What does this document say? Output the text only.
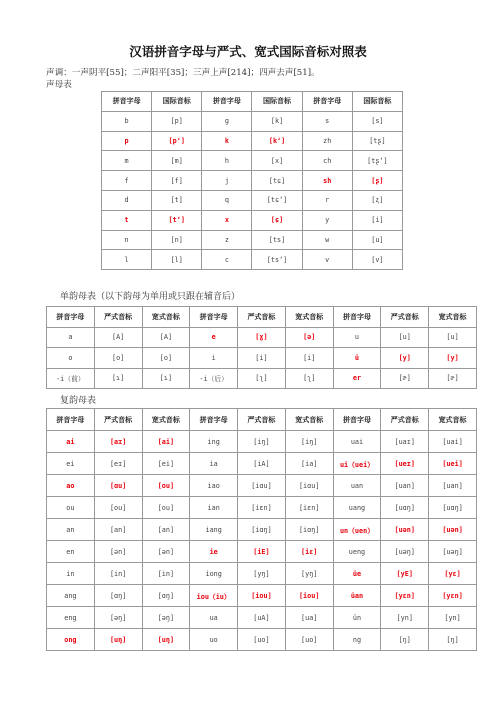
汉语拼音字母与严式、宽式国际音标对照表
声调：一声阴平[55]；二声阳平[35]；三声上声[214]；四声去声[51]。
声母表
拼音字母	国际音标	拼音字母	国际音标	拼音字母	国际音标
b	[p]	g	[k]	s	[s]
p	[pʻ]	k	[kʻ]	zh	[tʂ]
m	[m]	h	[x]	ch	[tʂʻ]
f	[f]	j	[tɕ]	sh	[ʂ]
d	[t]	q	[tɕʻ]	r	[ʐ]
t	[tʻ]	x	[ɕ]	y	[i]
n	[n]	z	[ts]	w	[u]
l	[l]	c	[tsʻ]	v	[v]
单韵母表（以下韵母为单用或只跟在辅音后）
拼音字母	严式音标	宽式音标	拼音字母	严式音标	宽式音标	拼音字母	严式音标	宽式音标
a	[A]	[A]	e	[ɣ]	[ə]	u	[u]	[u]
o	[o]	[o]	i	[i]	[i]	ü	[y]	[y]
-i（前）	[ɿ]	[ɿ]	-i（后）	[ʅ]	[ʅ]	er	[ɚ]	[ɚ]
复韵母表
拼音字母	严式音标	宽式音标	拼音字母	严式音标	宽式音标	拼音字母	严式音标	宽式音标
ai	[aɪ]	[ai]	ing	[iŋ]	[iŋ]	uai	[uaɪ]	[uai]
ei	[eɪ]	[ei]	ia	[iA]	[ia]	ui（uei）	[ueɪ]	[uei]
ao	[ɑu]	[ou]	iao	[iɑu]	[iɑu]	uan	[uan]	[uan]
ou	[ou]	[ou]	ian	[iɛn]	[iɛn]	uang	[uɑŋ]	[uɑŋ]
an	[an]	[an]	iang	[iɑŋ]	[iɑŋ]	un（uen）	[uən]	[uən]
en	[ən]	[ən]	ie	[iE]	[iɛ]	ueng	[uəŋ]	[uəŋ]
in	[in]	[in]	iong	[yŋ]	[yŋ]	üe	[yE]	[yɛ]
ang	[ɑŋ]	[ɑŋ]	iou（iu）	[iou]	[iou]	üan	[yɛn]	[yɛn]
eng	[əŋ]	[əŋ]	ua	[uA]	[ua]	ün	[yn]	[yn]
ong	[uŋ]	[uŋ]	uo	[uo]	[uo]	ng	[ŋ]	[ŋ]
